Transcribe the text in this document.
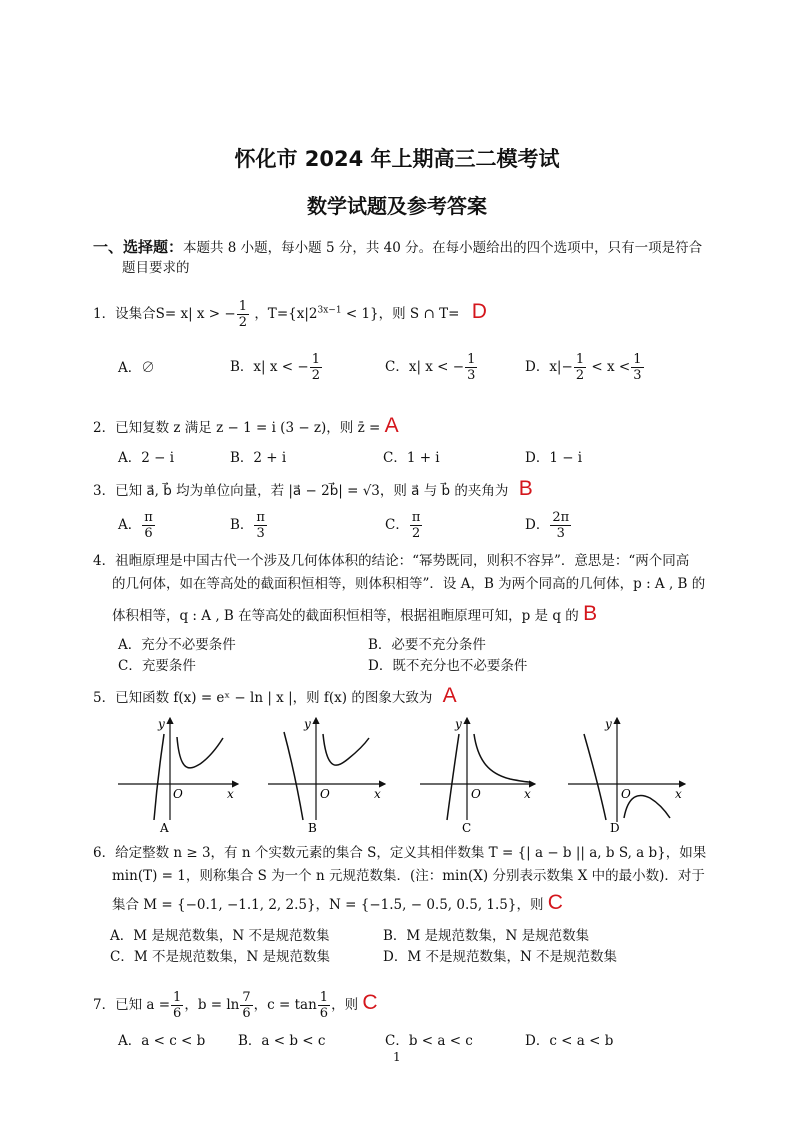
怀化市 2024 年上期高三二模考试
数学试题及参考答案
一、选择题：本题共 8 小题，每小题 5 分，共 40 分。在每小题给出的四个选项中，只有一项是符合
题目要求的
1．设集合S= x| x > − $\frac{1}{2}$ ，$T=\{x|2^{3x-1} < 1\}$，则 S ∩ T= D
A．∅	B．x| x < − $\frac{1}{2}$	C．x| x < − $\frac{1}{3}$	D．$x|- \frac{1}{2} < x < \frac{1}{3}$
2．已知复数 z 满足 z − 1 = i (3 − z)，则 z̄ = A
A．2 − i	B．2 + i	C．1 + i	D．1 − i
3．已知 a⃗, b⃗ 均为单位向量，若 |a⃗ − 2b⃗| = √3，则 a⃗ 与 b⃗ 的夹角为 B
A． $\frac{\pi}{6}$	B． $\frac{\pi}{3}$	C． $\frac{\pi}{2}$	D． $\frac{2\pi}{3}$
4．祖暅原理是中国古代一个涉及几何体体积的结论：“幂势既同，则积不容异”．意思是：“两个同高
的几何体，如在等高处的截面积恒相等，则体积相等”．设 A，B 为两个同高的几何体，p : A , B 的
体积相等，q : A , B 在等高处的截面积恒相等，根据祖暅原理可知，p 是 q 的 B
A．充分不必要条件	B．必要不充分条件
C．充要条件	D．既不充分也不必要条件
5．已知函数 f(x) = eˣ − ln | x |，则 f(x) 的图象大致为 A
y
O	x
A
y
O	x
B
y
O	x
C
y
O	x
D
6．给定整数 n ≥ 3，有 n 个实数元素的集合 S，定义其相伴数集 T = {| a − b || a, b S, a b}，如果
min(T) = 1，则称集合 S 为一个 n 元规范数集．(注：min(X) 分别表示数集 X 中的最小数)．对于
集合 M = {−0.1, −1.1, 2, 2.5}，N = {−1.5, − 0.5, 0.5, 1.5}，则 C
A．M 是规范数集，N 不是规范数集	B．M 是规范数集，N 是规范数集
C．M 不是规范数集，N 是规范数集	D．M 不是规范数集，N 不是规范数集
7．已知 $a = \frac{1}{6}$ ，$b = \ln \frac{7}{6}$ ，$c = \tan \frac{1}{6}$ ，则 C
A．a < c < b B．a < b < c	C．b < a < c	D．c < a < b
1
